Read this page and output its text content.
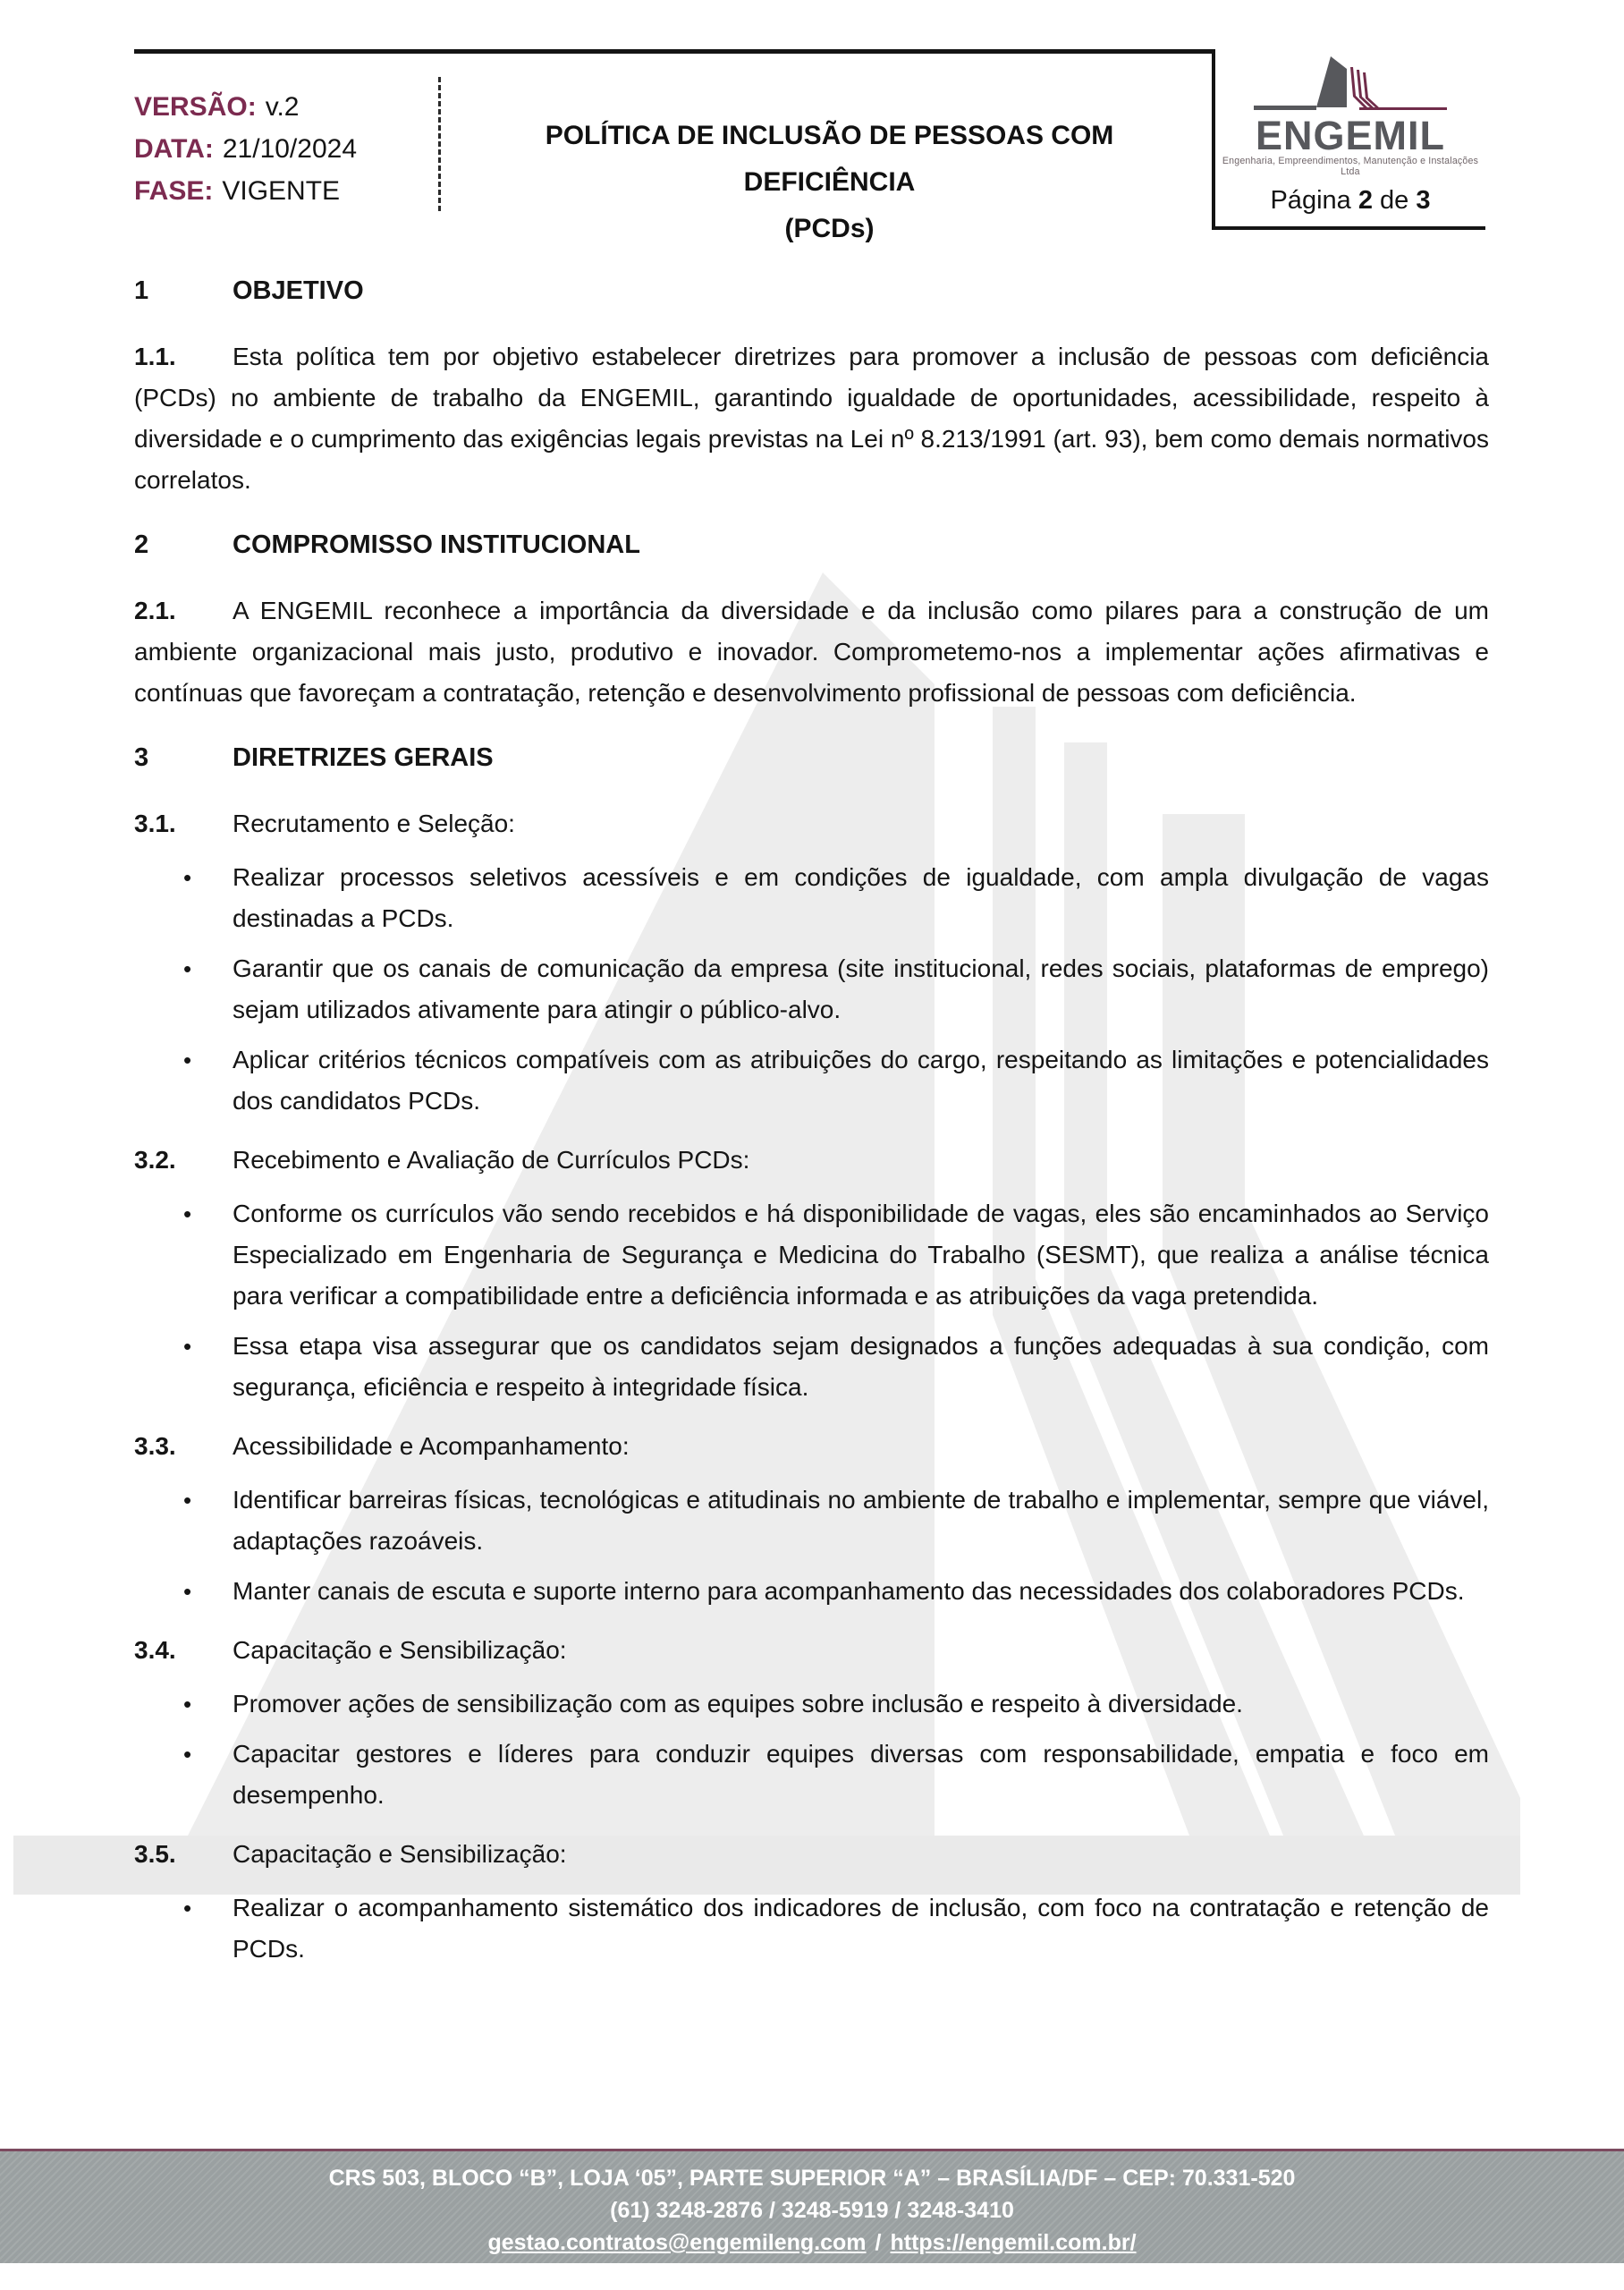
VERSÃO: v.2
DATA: 21/10/2024
FASE: VIGENTE
POLÍTICA DE INCLUSÃO DE PESSOAS COM DEFICIÊNCIA
(PCDs)
ENGEMIL
Engenharia, Empreendimentos, Manutenção e Instalações Ltda
Página 2 de 3
1	OBJETIVO

1.1. Esta política tem por objetivo estabelecer diretrizes para promover a inclusão de pessoas com deficiência (PCDs) no ambiente de trabalho da ENGEMIL, garantindo igualdade de oportunidades, acessibilidade, respeito à diversidade e o cumprimento das exigências legais previstas na Lei nº 8.213/1991 (art. 93), bem como demais normativos correlatos.

2	COMPROMISSO INSTITUCIONAL

2.1. A ENGEMIL reconhece a importância da diversidade e da inclusão como pilares para a construção de um ambiente organizacional mais justo, produtivo e inovador. Comprometemo-nos a implementar ações afirmativas e contínuas que favoreçam a contratação, retenção e desenvolvimento profissional de pessoas com deficiência.

3	DIRETRIZES GERAIS
3.1. Recrutamento e Seleção:
•	Realizar processos seletivos acessíveis e em condições de igualdade, com ampla divulgação de vagas destinadas a PCDs.
•	Garantir que os canais de comunicação da empresa (site institucional, redes sociais, plataformas de emprego) sejam utilizados ativamente para atingir o público-alvo.
•	Aplicar critérios técnicos compatíveis com as atribuições do cargo, respeitando as limitações e potencialidades dos candidatos PCDs.
3.2. Recebimento e Avaliação de Currículos PCDs:
•	Conforme os currículos vão sendo recebidos e há disponibilidade de vagas, eles são encaminhados ao Serviço Especializado em Engenharia de Segurança e Medicina do Trabalho (SESMT), que realiza a análise técnica para verificar a compatibilidade entre a deficiência informada e as atribuições da vaga pretendida.
•	Essa etapa visa assegurar que os candidatos sejam designados a funções adequadas à sua condição, com segurança, eficiência e respeito à integridade física.
3.3. Acessibilidade e Acompanhamento:
•	Identificar barreiras físicas, tecnológicas e atitudinais no ambiente de trabalho e implementar, sempre que viável, adaptações razoáveis.
•	Manter canais de escuta e suporte interno para acompanhamento das necessidades dos colaboradores PCDs.
3.4. Capacitação e Sensibilização:
•	Promover ações de sensibilização com as equipes sobre inclusão e respeito à diversidade.
•	Capacitar gestores e líderes para conduzir equipes diversas com responsabilidade, empatia e foco em desempenho.
3.5. Capacitação e Sensibilização:
•	Realizar o acompanhamento sistemático dos indicadores de inclusão, com foco na contratação e retenção de PCDs.
CRS 503, BLOCO “B”, LOJA ‘05”, PARTE SUPERIOR “A” – BRASÍLIA/DF – CEP: 70.331-520
(61) 3248-2876 / 3248-5919 / 3248-3410
gestao.contratos@engemileng.com / https://engemil.com.br/
